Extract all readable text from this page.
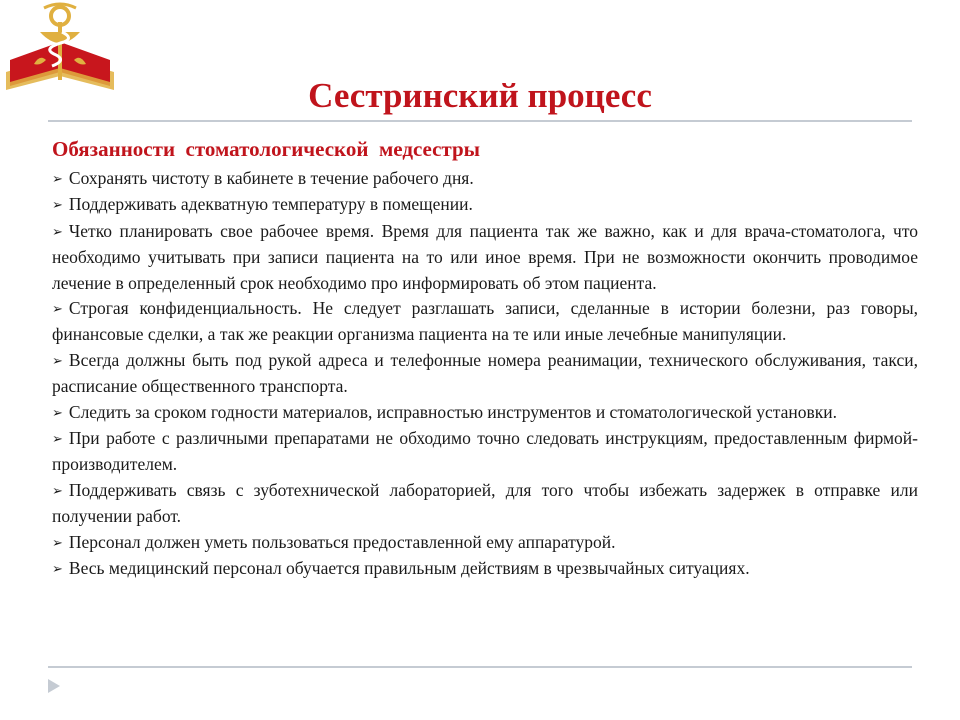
Сестринский процесс
Обязанности  стоматологической  медсестры
➢ Сохранять чистоту в кабинете в течение рабочего дня.
➢ Поддерживать адекватную температуру в помещении.
➢ Четко планировать свое рабочее время. Время для пациента так же важно, как и для врача-стоматолога, что необходимо учитывать при записи пациента на то или иное время. При не возможности окончить проводимое лечение в определенный срок необходимо про информировать об этом пациента.
➢ Строгая конфиденциальность. Не следует разглашать записи, сделанные в истории болезни, раз говоры, финансовые сделки, а так же реакции организма пациента на те или иные лечебные манипуляции.
➢ Всегда должны быть под рукой адреса и телефонные номера реанимации, технического обслуживания, такси, расписание общественного транспорта.
➢ Следить за сроком годности материалов, исправностью инструментов и стоматологической установки.
➢ При работе с различными препаратами не обходимо точно следовать инструкциям, предоставленным фирмой-производителем.
➢ Поддерживать связь с зуботехнической лабораторией, для того чтобы избежать задержек в отправке или получении работ.
➢ Персонал должен уметь пользоваться предоставленной ему аппаратурой.
➢ Весь медицинский персонал обучается правильным действиям в чрезвычайных ситуациях.
